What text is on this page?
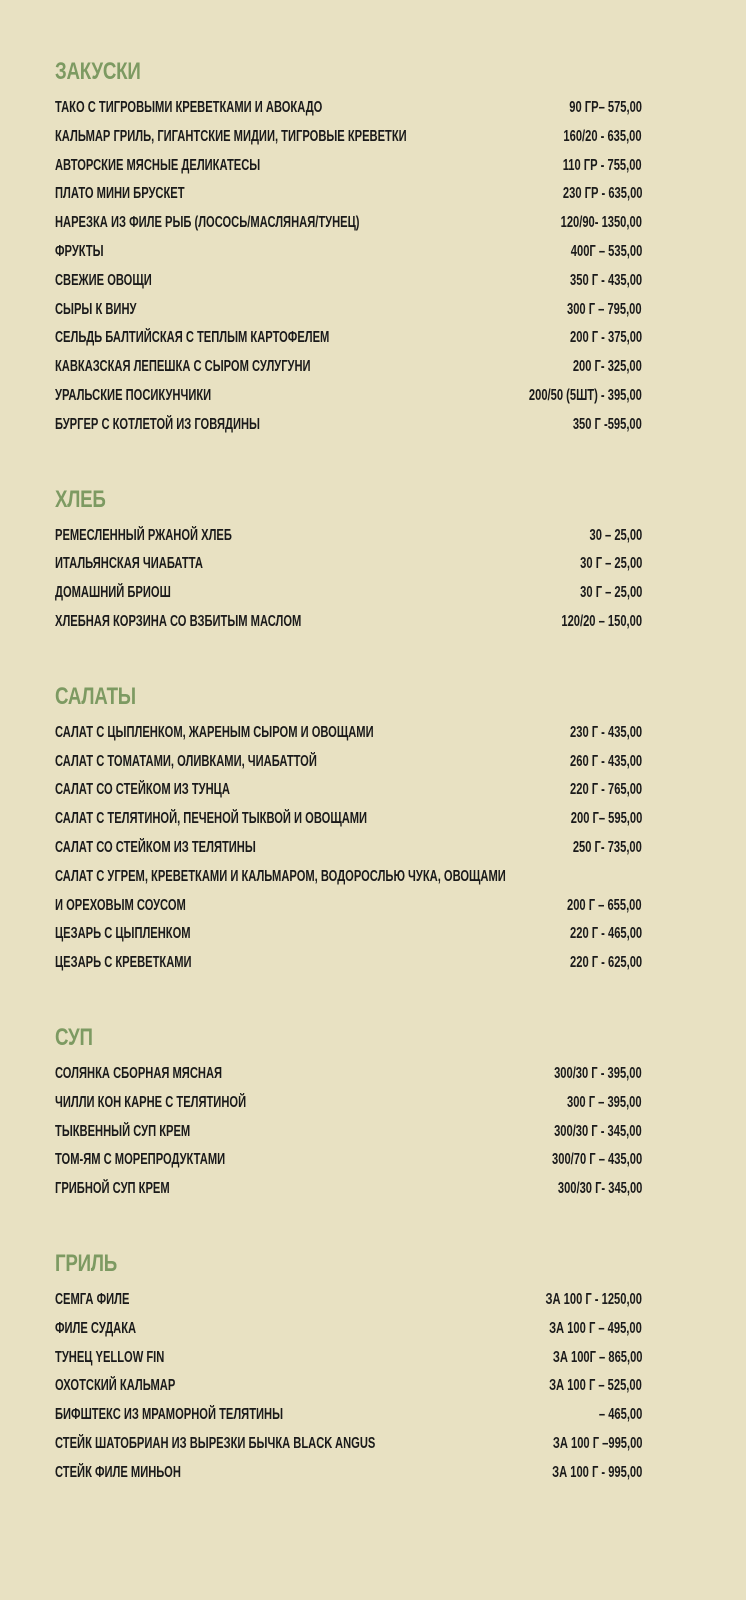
ЗАКУСКИ
ТАКО С ТИГРОВЫМИ КРЕВЕТКАМИ И АВОКАДО	90 ГР– 575,00
КАЛЬМАР ГРИЛЬ, ГИГАНТСКИЕ МИДИИ, ТИГРОВЫЕ КРЕВЕТКИ	160/20 - 635,00
АВТОРСКИЕ МЯСНЫЕ ДЕЛИКАТЕСЫ	110 ГР - 755,00
ПЛАТО МИНИ БРУСКЕТ	230 ГР - 635,00
НАРЕЗКА ИЗ ФИЛЕ РЫБ (ЛОСОСЬ/МАСЛЯНАЯ/ТУНЕЦ)	120/90- 1350,00
ФРУКТЫ	400Г – 535,00
СВЕЖИЕ ОВОЩИ	350 Г - 435,00
СЫРЫ К ВИНУ	300 Г – 795,00
СЕЛЬДЬ БАЛТИЙСКАЯ С ТЕПЛЫМ КАРТОФЕЛЕМ	200 Г - 375,00
КАВКАЗСКАЯ ЛЕПЕШКА С СЫРОМ СУЛУГУНИ	200 Г- 325,00
УРАЛЬСКИЕ ПОСИКУНЧИКИ	200/50 (5ШТ) - 395,00
БУРГЕР С КОТЛЕТОЙ ИЗ ГОВЯДИНЫ	350 Г -595,00
ХЛЕБ
РЕМЕСЛЕННЫЙ РЖАНОЙ ХЛЕБ	30 – 25,00
ИТАЛЬЯНСКАЯ ЧИАБАТТА	30 Г – 25,00
ДОМАШНИЙ БРИОШ	30 Г – 25,00
ХЛЕБНАЯ КОРЗИНА СО ВЗБИТЫМ МАСЛОМ	120/20 – 150,00
САЛАТЫ
САЛАТ С ЦЫПЛЕНКОМ, ЖАРЕНЫМ СЫРОМ И ОВОЩАМИ	230 Г - 435,00
САЛАТ С ТОМАТАМИ, ОЛИВКАМИ, ЧИАБАТТОЙ	260 Г - 435,00
САЛАТ СО СТЕЙКОМ ИЗ ТУНЦА	220 Г - 765,00
САЛАТ С ТЕЛЯТИНОЙ, ПЕЧЕНОЙ ТЫКВОЙ И ОВОЩАМИ	200 Г– 595,00
САЛАТ СО СТЕЙКОМ ИЗ ТЕЛЯТИНЫ	250 Г- 735,00
САЛАТ С УГРЕМ, КРЕВЕТКАМИ И КАЛЬМАРОМ, ВОДОРОСЛЬЮ ЧУКА, ОВОЩАМИ
И ОРЕХОВЫМ СОУСОМ	200 Г – 655,00
ЦЕЗАРЬ С ЦЫПЛЕНКОМ	220 Г - 465,00
ЦЕЗАРЬ С КРЕВЕТКАМИ	220 Г - 625,00
СУП
СОЛЯНКА СБОРНАЯ МЯСНАЯ	300/30 Г - 395,00
ЧИЛЛИ КОН КАРНЕ С ТЕЛЯТИНОЙ	300 Г – 395,00
ТЫКВЕННЫЙ СУП КРЕМ	300/30 Г - 345,00
ТОМ-ЯМ С МОРЕПРОДУКТАМИ	300/70 Г – 435,00
ГРИБНОЙ СУП КРЕМ	300/30 Г- 345,00
ГРИЛЬ
СЕМГА ФИЛЕ	ЗА 100 Г - 1250,00
ФИЛЕ СУДАКА	ЗА 100 Г – 495,00
ТУНЕЦ YELLOW FIN	ЗА 100Г – 865,00
ОХОТСКИЙ КАЛЬМАР	ЗА 100 Г – 525,00
БИФШТЕКС ИЗ МРАМОРНОЙ ТЕЛЯТИНЫ	– 465,00
СТЕЙК ШАТОБРИАН ИЗ ВЫРЕЗКИ БЫЧКА BLACK ANGUS	ЗА 100 Г –995,00
СТЕЙК ФИЛЕ МИНЬОН	ЗА 100 Г - 995,00
